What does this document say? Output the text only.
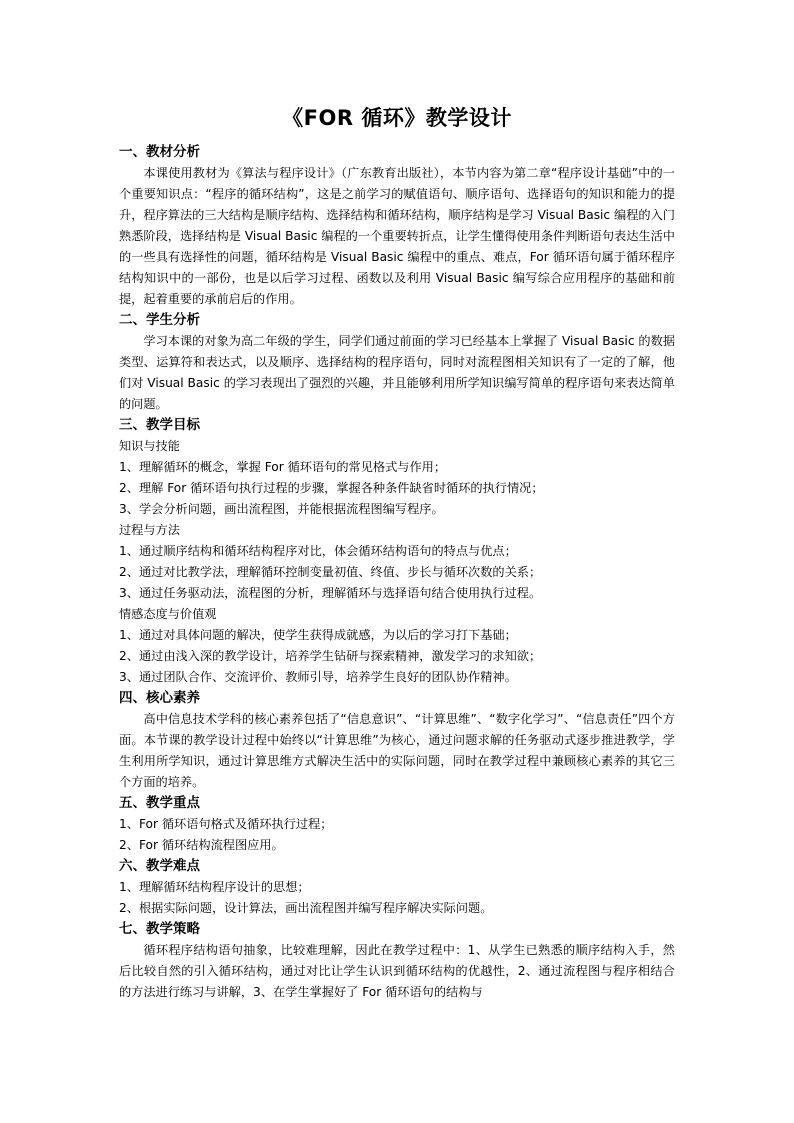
《FOR 循环》教学设计
一、教材分析

本课使用教材为《算法与程序设计》（广东教育出版社），本节内容为第二章“程序设计基础”中的一个重要知识点：“程序的循环结构”，这是之前学习的赋值语句、顺序语句、选择语句的知识和能力的提升，程序算法的三大结构是顺序结构、选择结构和循环结构，顺序结构是学习 Visual Basic 编程的入门熟悉阶段，选择结构是 Visual Basic 编程的一个重要转折点，让学生懂得使用条件判断语句表达生活中的一些具有选择性的问题，循环结构是 Visual Basic 编程中的重点、难点，For 循环语句属于循环程序结构知识中的一部份，也是以后学习过程、函数以及利用 Visual Basic 编写综合应用程序的基础和前提，起着重要的承前启后的作用。

二、学生分析

学习本课的对象为高二年级的学生，同学们通过前面的学习已经基本上掌握了 Visual Basic 的数据类型、运算符和表达式，以及顺序、选择结构的程序语句，同时对流程图相关知识有了一定的了解，他们对 Visual Basic 的学习表现出了强烈的兴趣，并且能够利用所学知识编写简单的程序语句来表达简单的问题。

三、教学目标
知识与技能
1、理解循环的概念，掌握 For 循环语句的常见格式与作用；
2、理解 For 循环语句执行过程的步骤，掌握各种条件缺省时循环的执行情况；
3、学会分析问题，画出流程图，并能根据流程图编写程序。
过程与方法
1、通过顺序结构和循环结构程序对比，体会循环结构语句的特点与优点；
2、通过对比教学法，理解循环控制变量初值、终值、步长与循环次数的关系；
3、通过任务驱动法，流程图的分析，理解循环与选择语句结合使用执行过程。
情感态度与价值观
1、通过对具体问题的解决，使学生获得成就感，为以后的学习打下基础；
2、通过由浅入深的教学设计，培养学生钻研与探索精神，激发学习的求知欲；
3、通过团队合作、交流评价、教师引导，培养学生良好的团队协作精神。
四、核心素养

高中信息技术学科的核心素养包括了“信息意识”、“计算思维”、“数字化学习”、“信息责任”四个方面。本节课的教学设计过程中始终以“计算思维”为核心，通过问题求解的任务驱动式逐步推进教学，学生利用所学知识，通过计算思维方式解决生活中的实际问题，同时在教学过程中兼顾核心素养的其它三个方面的培养。

五、教学重点
1、For 循环语句格式及循环执行过程；
2、For 循环结构流程图应用。
六、教学难点
1、理解循环结构程序设计的思想；
2、根据实际问题，设计算法，画出流程图并编写程序解决实际问题。
七、教学策略

循环程序结构语句抽象，比较难理解，因此在教学过程中：1、从学生已熟悉的顺序结构入手，然后比较自然的引入循环结构，通过对比让学生认识到循环结构的优越性，2、通过流程图与程序相结合的方法进行练习与讲解，3、在学生掌握好了 For 循环语句的结构与
